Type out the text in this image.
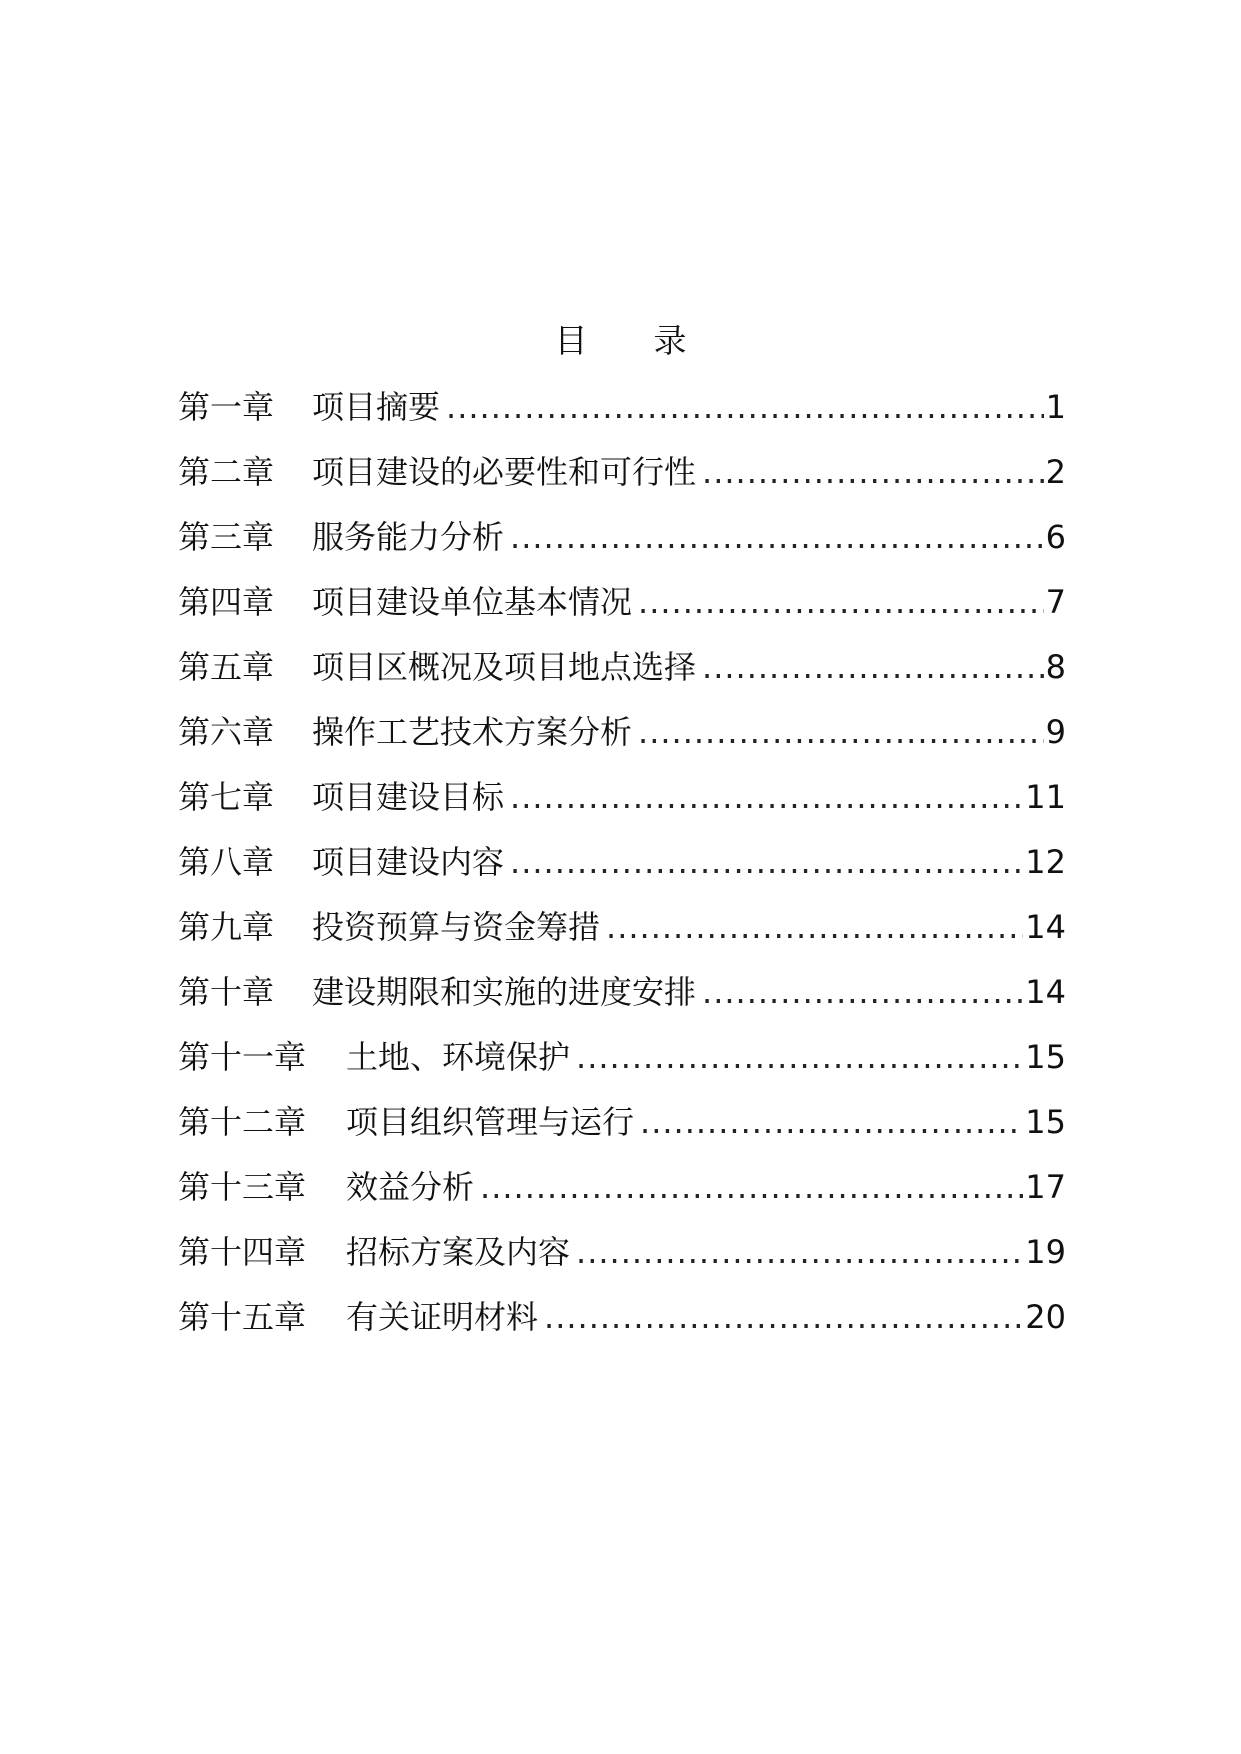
目　　录
第一章	项目摘要 .....	1
第二章	项目建设的必要性和可行性 .....	2
第三章	服务能力分析 .....	6
第四章	项目建设单位基本情况 .....	7
第五章	项目区概况及项目地点选择 .....	8
第六章	操作工艺技术方案分析 .....	9
第七章	项目建设目标 .....	11
第八章	项目建设内容 .....	12
第九章	投资预算与资金筹措 .....	14
第十章	建设期限和实施的进度安排 .....	14
第十一章	土地、环境保护 .....	15
第十二章	项目组织管理与运行 .....	15
第十三章	效益分析 .....	17
第十四章	招标方案及内容 .....	19
第十五章	有关证明材料 .....	20
